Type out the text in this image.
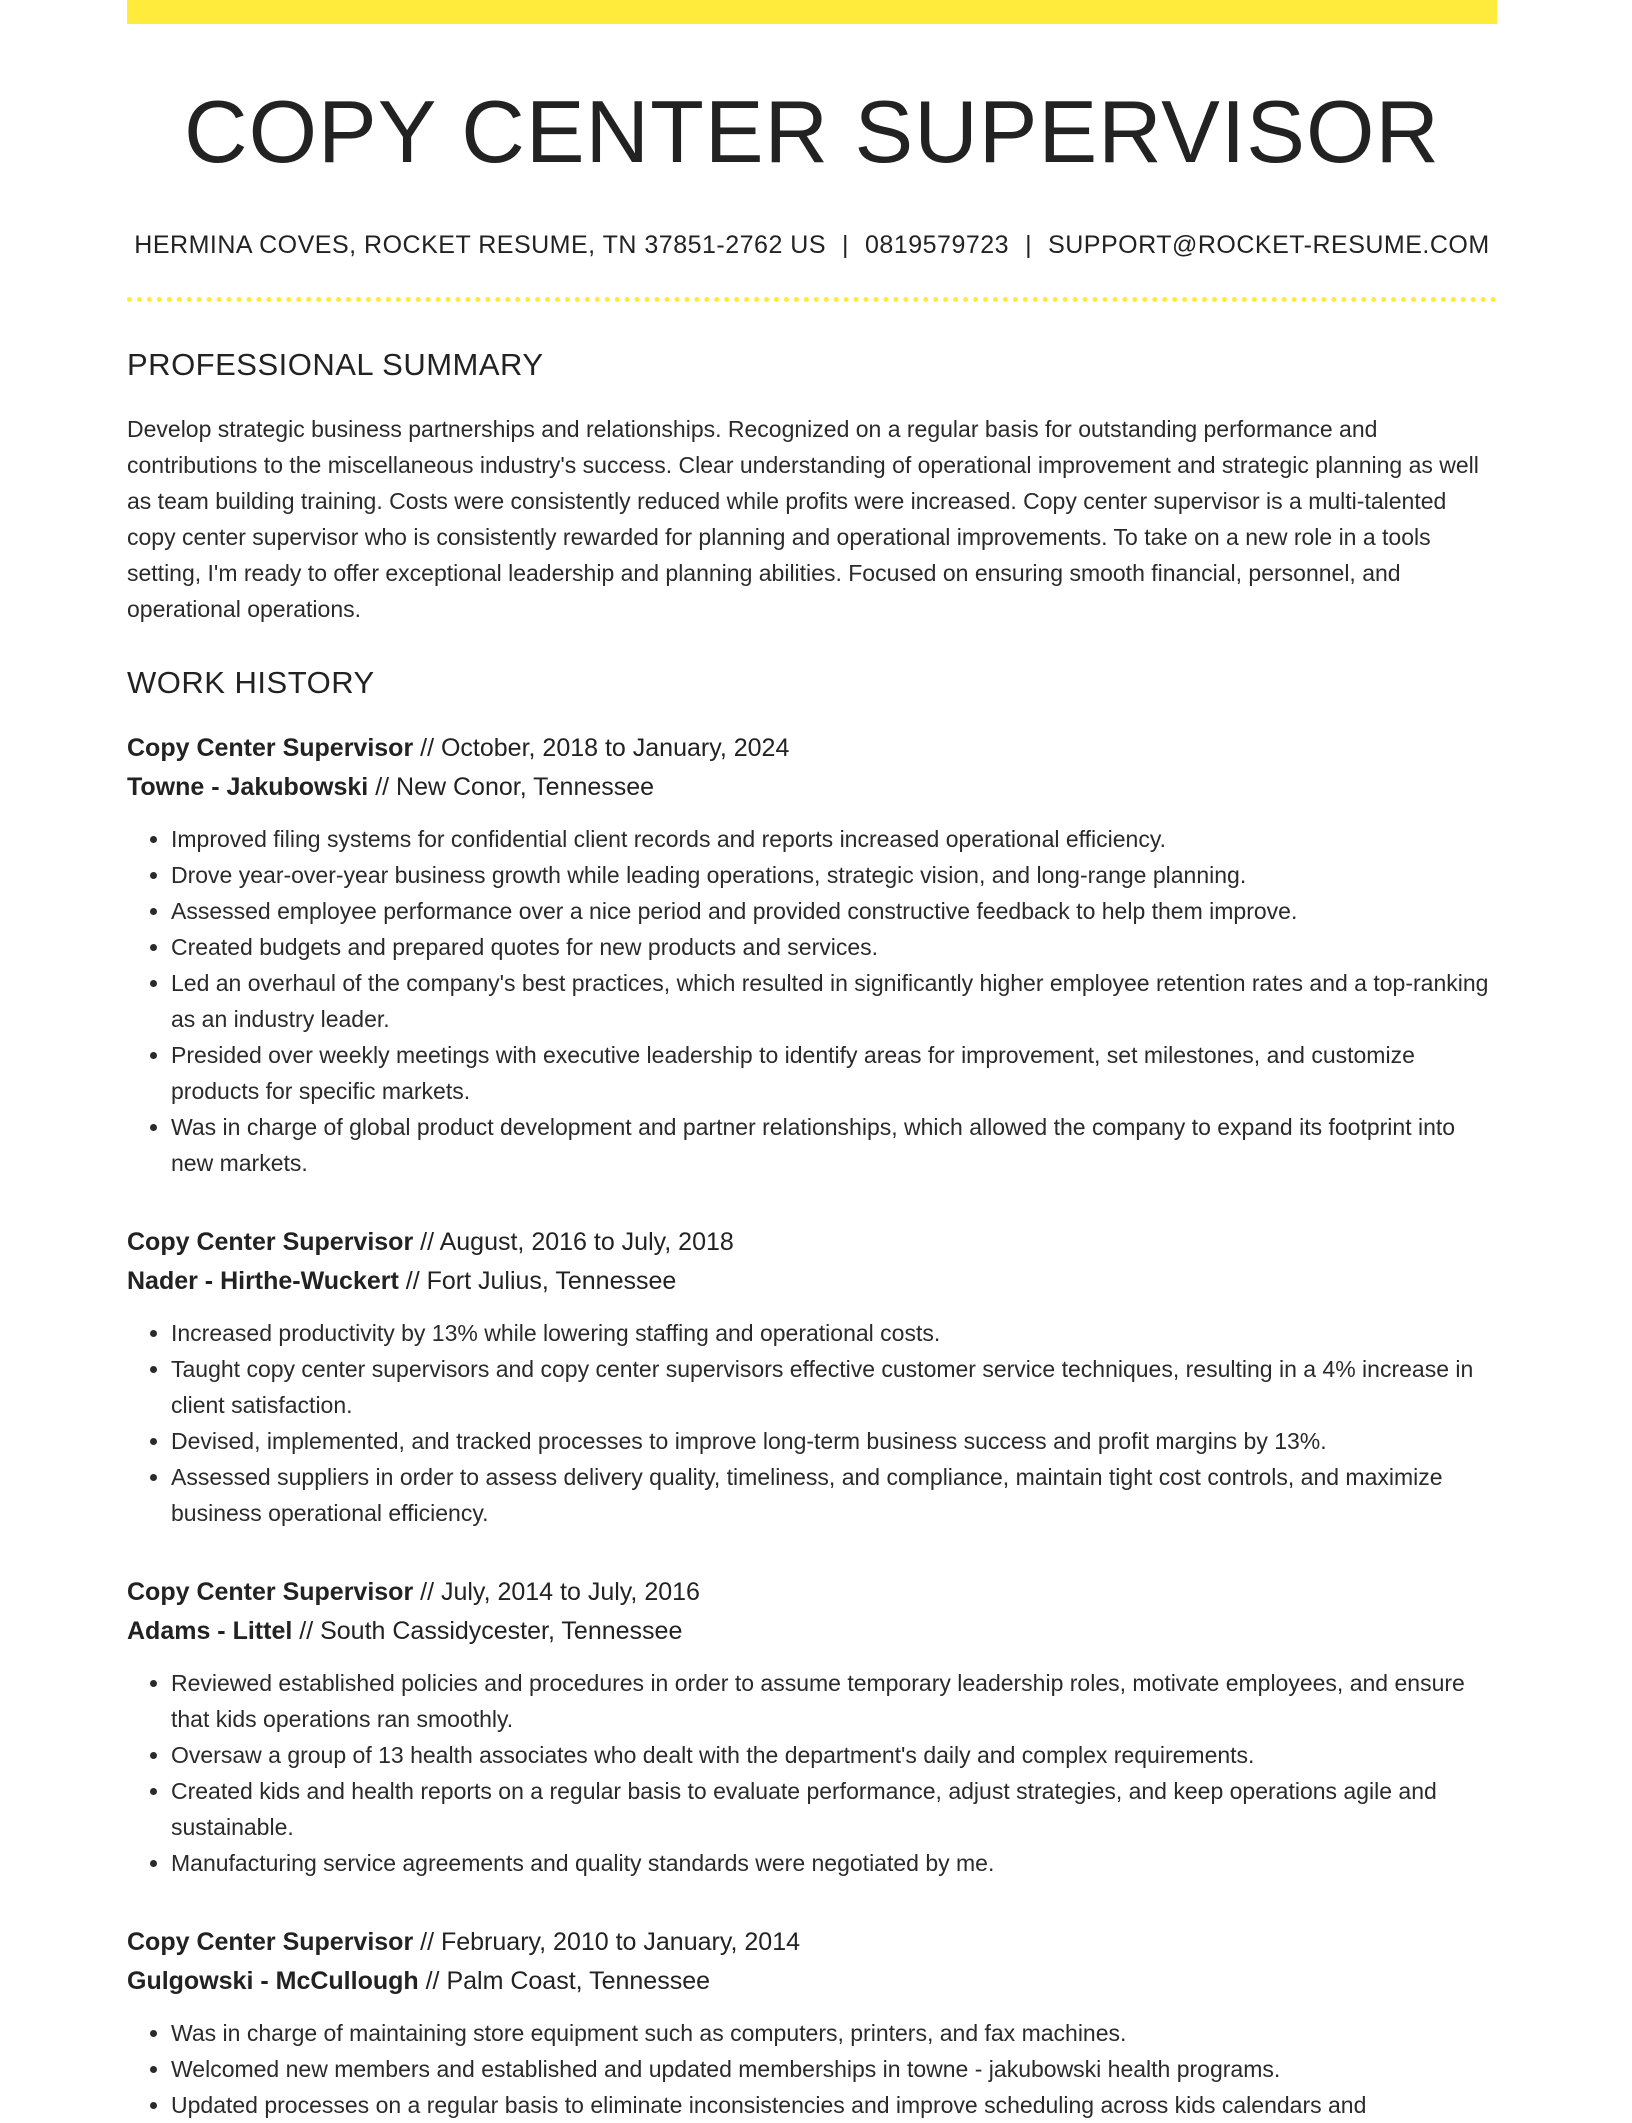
COPY CENTER SUPERVISOR
HERMINA COVES, ROCKET RESUME, TN 37851-2762 US | 0819579723 | SUPPORT@ROCKET-RESUME.COM
PROFESSIONAL SUMMARY
Develop strategic business partnerships and relationships. Recognized on a regular basis for outstanding performance and contributions to the miscellaneous industry's success. Clear understanding of operational improvement and strategic planning as well as team building training. Costs were consistently reduced while profits were increased. Copy center supervisor is a multi-talented copy center supervisor who is consistently rewarded for planning and operational improvements. To take on a new role in a tools setting, I'm ready to offer exceptional leadership and planning abilities. Focused on ensuring smooth financial, personnel, and operational operations.
WORK HISTORY
Copy Center Supervisor // October, 2018 to January, 2024
Towne - Jakubowski // New Conor, Tennessee
• Improved filing systems for confidential client records and reports increased operational efficiency.
• Drove year-over-year business growth while leading operations, strategic vision, and long-range planning.
• Assessed employee performance over a nice period and provided constructive feedback to help them improve.
• Created budgets and prepared quotes for new products and services.
• Led an overhaul of the company's best practices, which resulted in significantly higher employee retention rates and a top-ranking as an industry leader.
• Presided over weekly meetings with executive leadership to identify areas for improvement, set milestones, and customize products for specific markets.
• Was in charge of global product development and partner relationships, which allowed the company to expand its footprint into new markets.
Copy Center Supervisor // August, 2016 to July, 2018
Nader - Hirthe-Wuckert // Fort Julius, Tennessee
• Increased productivity by 13% while lowering staffing and operational costs.
• Taught copy center supervisors and copy center supervisors effective customer service techniques, resulting in a 4% increase in client satisfaction.
• Devised, implemented, and tracked processes to improve long-term business success and profit margins by 13%.
• Assessed suppliers in order to assess delivery quality, timeliness, and compliance, maintain tight cost controls, and maximize business operational efficiency.
Copy Center Supervisor // July, 2014 to July, 2016
Adams - Littel // South Cassidycester, Tennessee
• Reviewed established policies and procedures in order to assume temporary leadership roles, motivate employees, and ensure that kids operations ran smoothly.
• Oversaw a group of 13 health associates who dealt with the department's daily and complex requirements.
• Created kids and health reports on a regular basis to evaluate performance, adjust strategies, and keep operations agile and sustainable.
• Manufacturing service agreements and quality standards were negotiated by me.
Copy Center Supervisor // February, 2010 to January, 2014
Gulgowski - McCullough // Palm Coast, Tennessee
• Was in charge of maintaining store equipment such as computers, printers, and fax machines.
• Welcomed new members and established and updated memberships in towne - jakubowski health programs.
• Updated processes on a regular basis to eliminate inconsistencies and improve scheduling across kids calendars and
